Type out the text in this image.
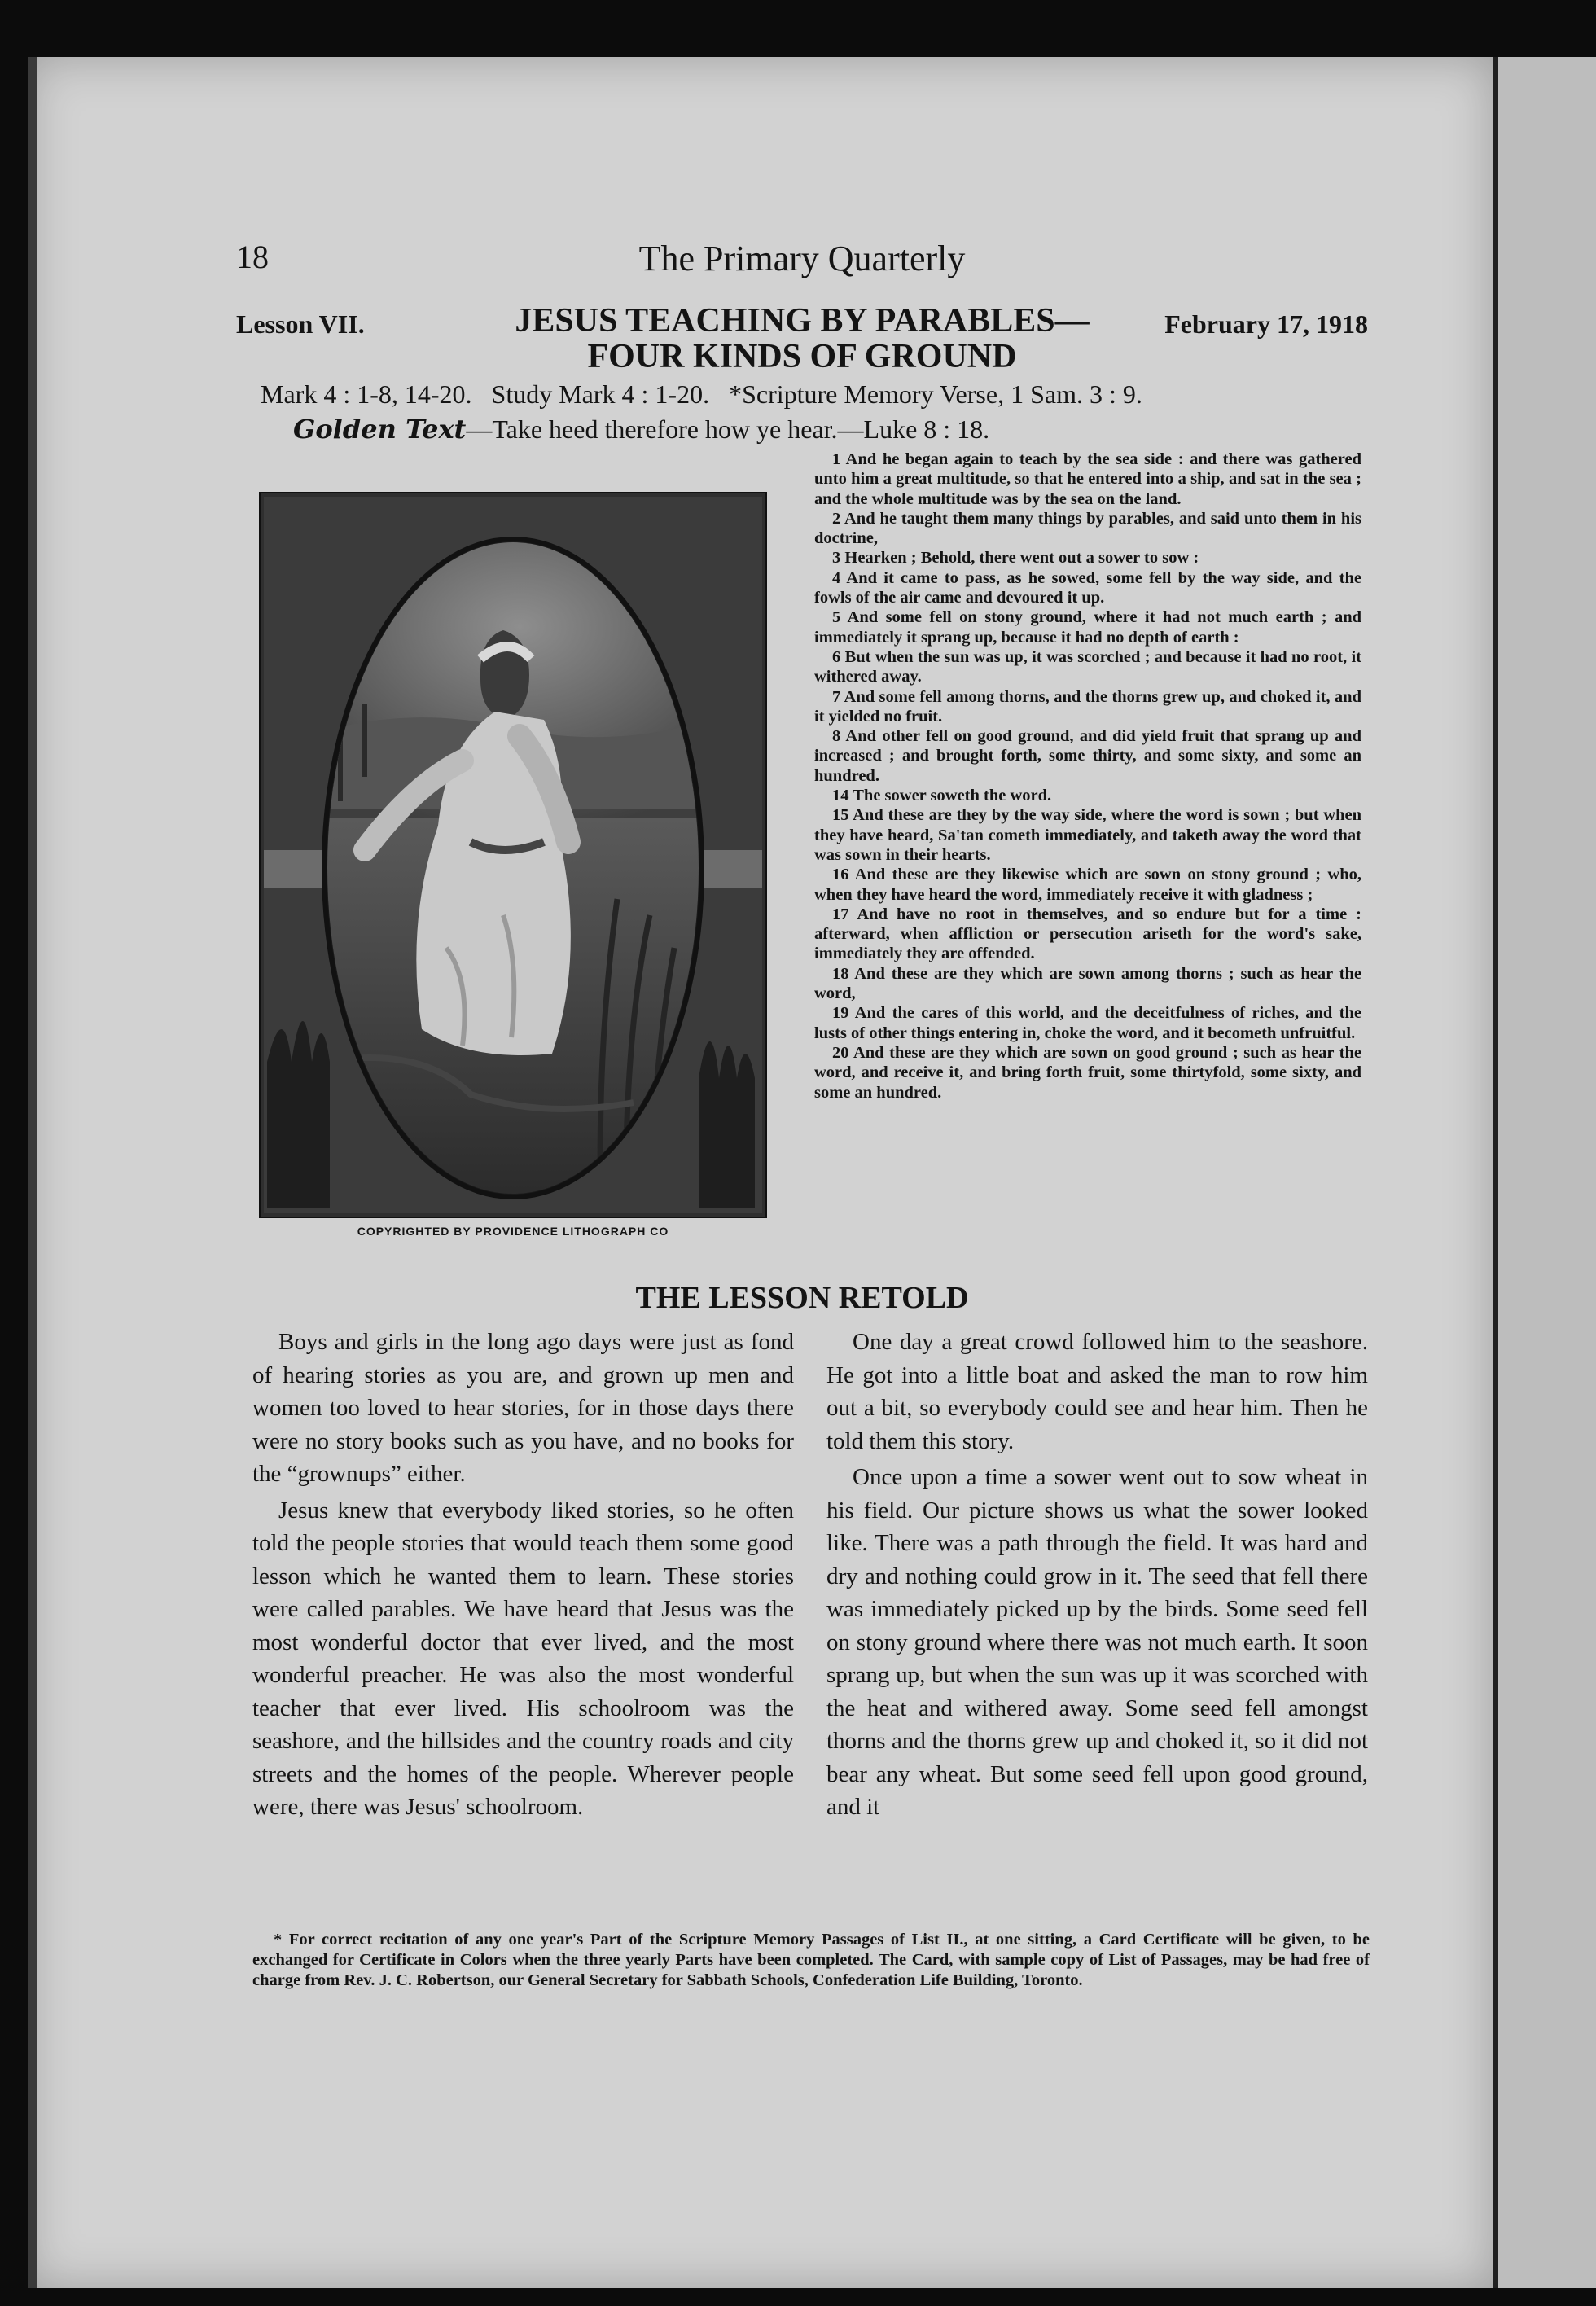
18	The Primary Quarterly
Lesson VII.	JESUS TEACHING BY PARABLES—
FOUR KINDS OF GROUND
February 17, 1918
Mark 4 : 1-8, 14-20.   Study Mark 4 : 1-20.   *Scripture Memory Verse, 1 Sam. 3 : 9.
Golden Text—Take heed therefore how ye hear.—Luke 8 : 18.
COPYRIGHTED BY PROVIDENCE LITHOGRAPH CO

1 And he began again to teach by the sea side : and there was gathered unto him a great multitude, so that he entered into a ship, and sat in the sea ; and the whole multitude was by the sea on the land.

2 And he taught them many things by parables, and said unto them in his doctrine,

3 Hearken ; Behold, there went out a sower to sow :

4 And it came to pass, as he sowed, some fell by the way side, and the fowls of the air came and devoured it up.

5 And some fell on stony ground, where it had not much earth ; and immediately it sprang up, because it had no depth of earth :

6 But when the sun was up, it was scorched ; and because it had no root, it withered away.

7 And some fell among thorns, and the thorns grew up, and choked it, and it yielded no fruit.

8 And other fell on good ground, and did yield fruit that sprang up and increased ; and brought forth, some thirty, and some sixty, and some an hundred.

14 The sower soweth the word.

15 And these are they by the way side, where the word is sown ; but when they have heard, Sa'tan cometh immediately, and taketh away the word that was sown in their hearts.

16 And these are they likewise which are sown on stony ground ; who, when they have heard the word, immediately receive it with gladness ;

17 And have no root in themselves, and so endure but for a time : afterward, when affliction or persecution ariseth for the word's sake, immediately they are offended.

18 And these are they which are sown among thorns ; such as hear the word,

19 And the cares of this world, and the deceitfulness of riches, and the lusts of other things entering in, choke the word, and it becometh unfruitful.

20 And these are they which are sown on good ground ; such as hear the word, and receive it, and bring forth fruit, some thirtyfold, some sixty, and some an hundred.

THE LESSON RETOLD

Boys and girls in the long ago days were just as fond of hearing stories as you are, and grown up men and women too loved to hear stories, for in those days there were no story books such as you have, and no books for the “grownups” either.

Jesus knew that everybody liked stories, so he often told the people stories that would teach them some good lesson which he wanted them to learn. These stories were called parables. We have heard that Jesus was the most wonderful doctor that ever lived, and the most wonderful preacher. He was also the most wonderful teacher that ever lived. His schoolroom was the seashore, and the hillsides and the country roads and city streets and the homes of the people. Wherever people were, there was Jesus' schoolroom.

One day a great crowd followed him to the seashore. He got into a little boat and asked the man to row him out a bit, so everybody could see and hear him. Then he told them this story.

Once upon a time a sower went out to sow wheat in his field. Our picture shows us what the sower looked like. There was a path through the field. It was hard and dry and nothing could grow in it. The seed that fell there was immediately picked up by the birds. Some seed fell on stony ground where there was not much earth. It soon sprang up, but when the sun was up it was scorched with the heat and withered away. Some seed fell amongst thorns and the thorns grew up and choked it, so it did not bear any wheat. But some seed fell upon good ground, and it

* For correct recitation of any one year's Part of the Scripture Memory Passages of List II., at one sitting, a Card Certificate will be given, to be exchanged for Certificate in Colors when the three yearly Parts have been completed. The Card, with sample copy of List of Passages, may be had free of charge from Rev. J. C. Robertson, our General Secretary for Sabbath Schools, Confederation Life Building, Toronto.
